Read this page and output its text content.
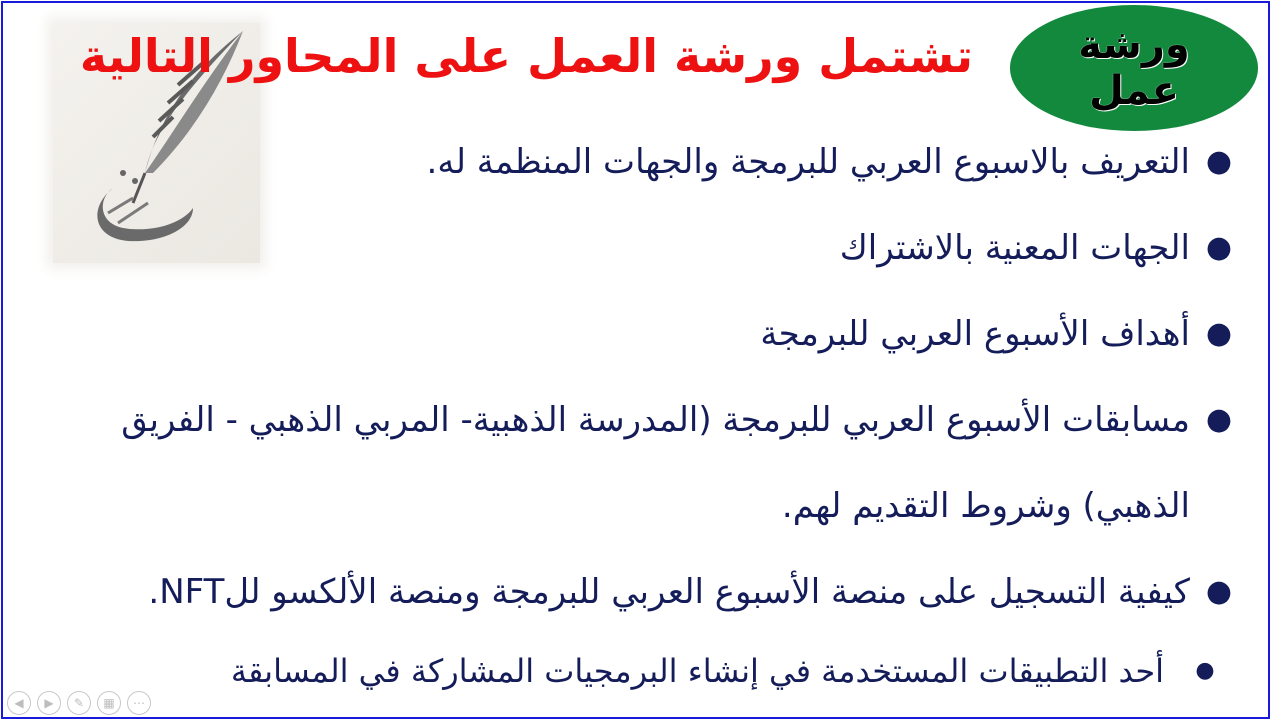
تشتمل ورشة العمل على المحاور التالية	ورشة
عمل
●
التعريف بالاسبوع العربي للبرمجة والجهات المنظمة له.
●
الجهات المعنية بالاشتراك
●
أهداف الأسبوع العربي للبرمجة
●
مسابقات الأسبوع العربي للبرمجة (المدرسة الذهبية- المربي الذهبي - الفريق الذهبي) وشروط التقديم لهم.
●
كيفية التسجيل على منصة الأسبوع العربي للبرمجة ومنصة الألكسو للNFT.
●
أحد التطبيقات المستخدمة في إنشاء البرمجيات المشاركة في المسابقة
◀	▶	✎	▦	⋯
